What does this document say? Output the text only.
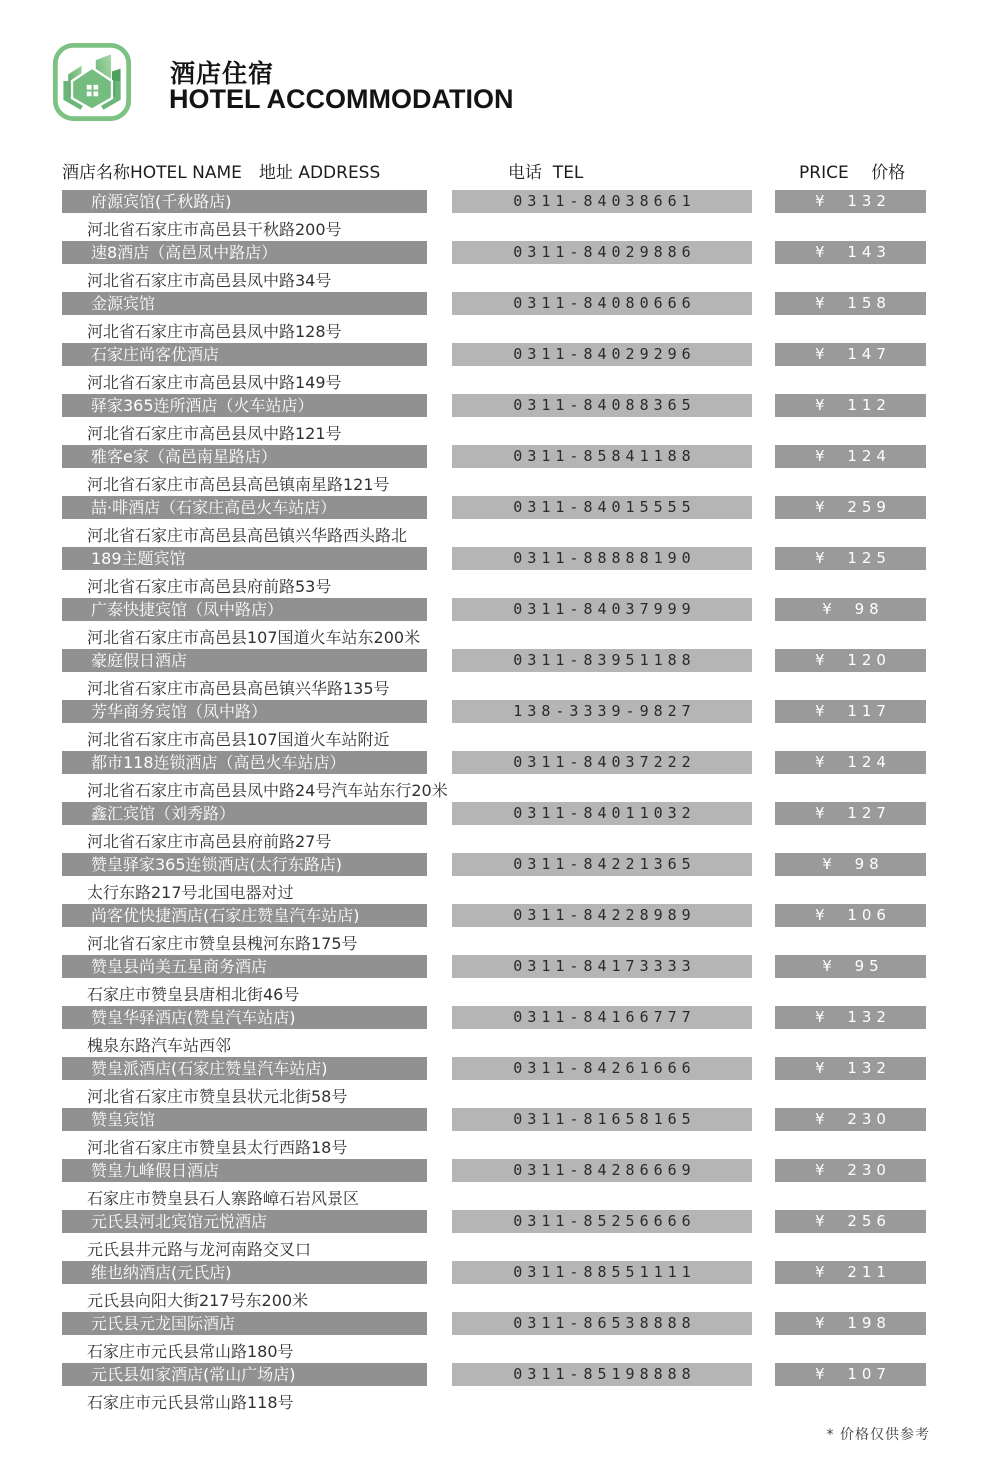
酒店住宿
HOTEL ACCOMMODATION
酒店名称HOTEL NAME　地址 ADDRESS	电话  TEL	PRICE　 价格
府源宾馆(千秋路店)
河北省石家庄市高邑县干秋路200号
0311-84038661	¥ 132
速8酒店（高邑凤中路店）
河北省石家庄市高邑县凤中路34号
0311-84029886	¥ 143
金源宾馆
河北省石家庄市高邑县凤中路128号
0311-84080666	¥ 158
石家庄尚客优酒店
河北省石家庄市高邑县凤中路149号
0311-84029296	¥ 147
驿家365连所酒店（火车站店）
河北省石家庄市高邑县凤中路121号
0311-84088365	¥ 112
雅客e家（高邑南星路店）
河北省石家庄市高邑县高邑镇南星路121号
0311-85841188	¥ 124
喆·啡酒店（石家庄高邑火车站店）
河北省石家庄市高邑县高邑镇兴华路西头路北
0311-84015555	¥ 259
189主题宾馆
河北省石家庄市高邑县府前路53号
0311-88888190	¥ 125
广泰快捷宾馆（凤中路店）
河北省石家庄市高邑县107国道火车站东200米
0311-84037999	¥ 98
豪庭假日酒店
河北省石家庄市高邑县高邑镇兴华路135号
0311-83951188	¥ 120
芳华商务宾馆（凤中路）
河北省石家庄市高邑县107国道火车站附近
138-3339-9827	¥ 117
都市118连锁酒店（高邑火车站店）
河北省石家庄市高邑县凤中路24号汽车站东行20米
0311-84037222	¥ 124
鑫汇宾馆（刘秀路）
河北省石家庄市高邑县府前路27号
0311-84011032	¥ 127
赞皇驿家365连锁酒店(太行东路店)
太行东路217号北国电器对过
0311-84221365	¥ 98
尚客优快捷酒店(石家庄赞皇汽车站店)
河北省石家庄市赞皇县槐河东路175号
0311-84228989	¥ 106
赞皇县尚美五星商务酒店
石家庄市赞皇县唐相北街46号
0311-84173333	¥ 95
赞皇华驿酒店(赞皇汽车站店)
槐泉东路汽车站西邻
0311-84166777	¥ 132
赞皇派酒店(石家庄赞皇汽车站店)
河北省石家庄市赞皇县状元北街58号
0311-84261666	¥ 132
赞皇宾馆
河北省石家庄市赞皇县太行西路18号
0311-81658165	¥ 230
赞皇九峰假日酒店
石家庄市赞皇县石人寨路嶂石岩风景区
0311-84286669	¥ 230
元氏县河北宾馆元悦酒店
元氏县井元路与龙河南路交叉口
0311-85256666	¥ 256
维也纳酒店(元氏店)
元氏县向阳大街217号东200米
0311-88551111	¥ 211
元氏县元龙国际酒店
石家庄市元氏县常山路180号
0311-86538888	¥ 198
元氏县如家酒店(常山广场店)
石家庄市元氏县常山路118号
0311-85198888	¥ 107
* 价格仅供参考
